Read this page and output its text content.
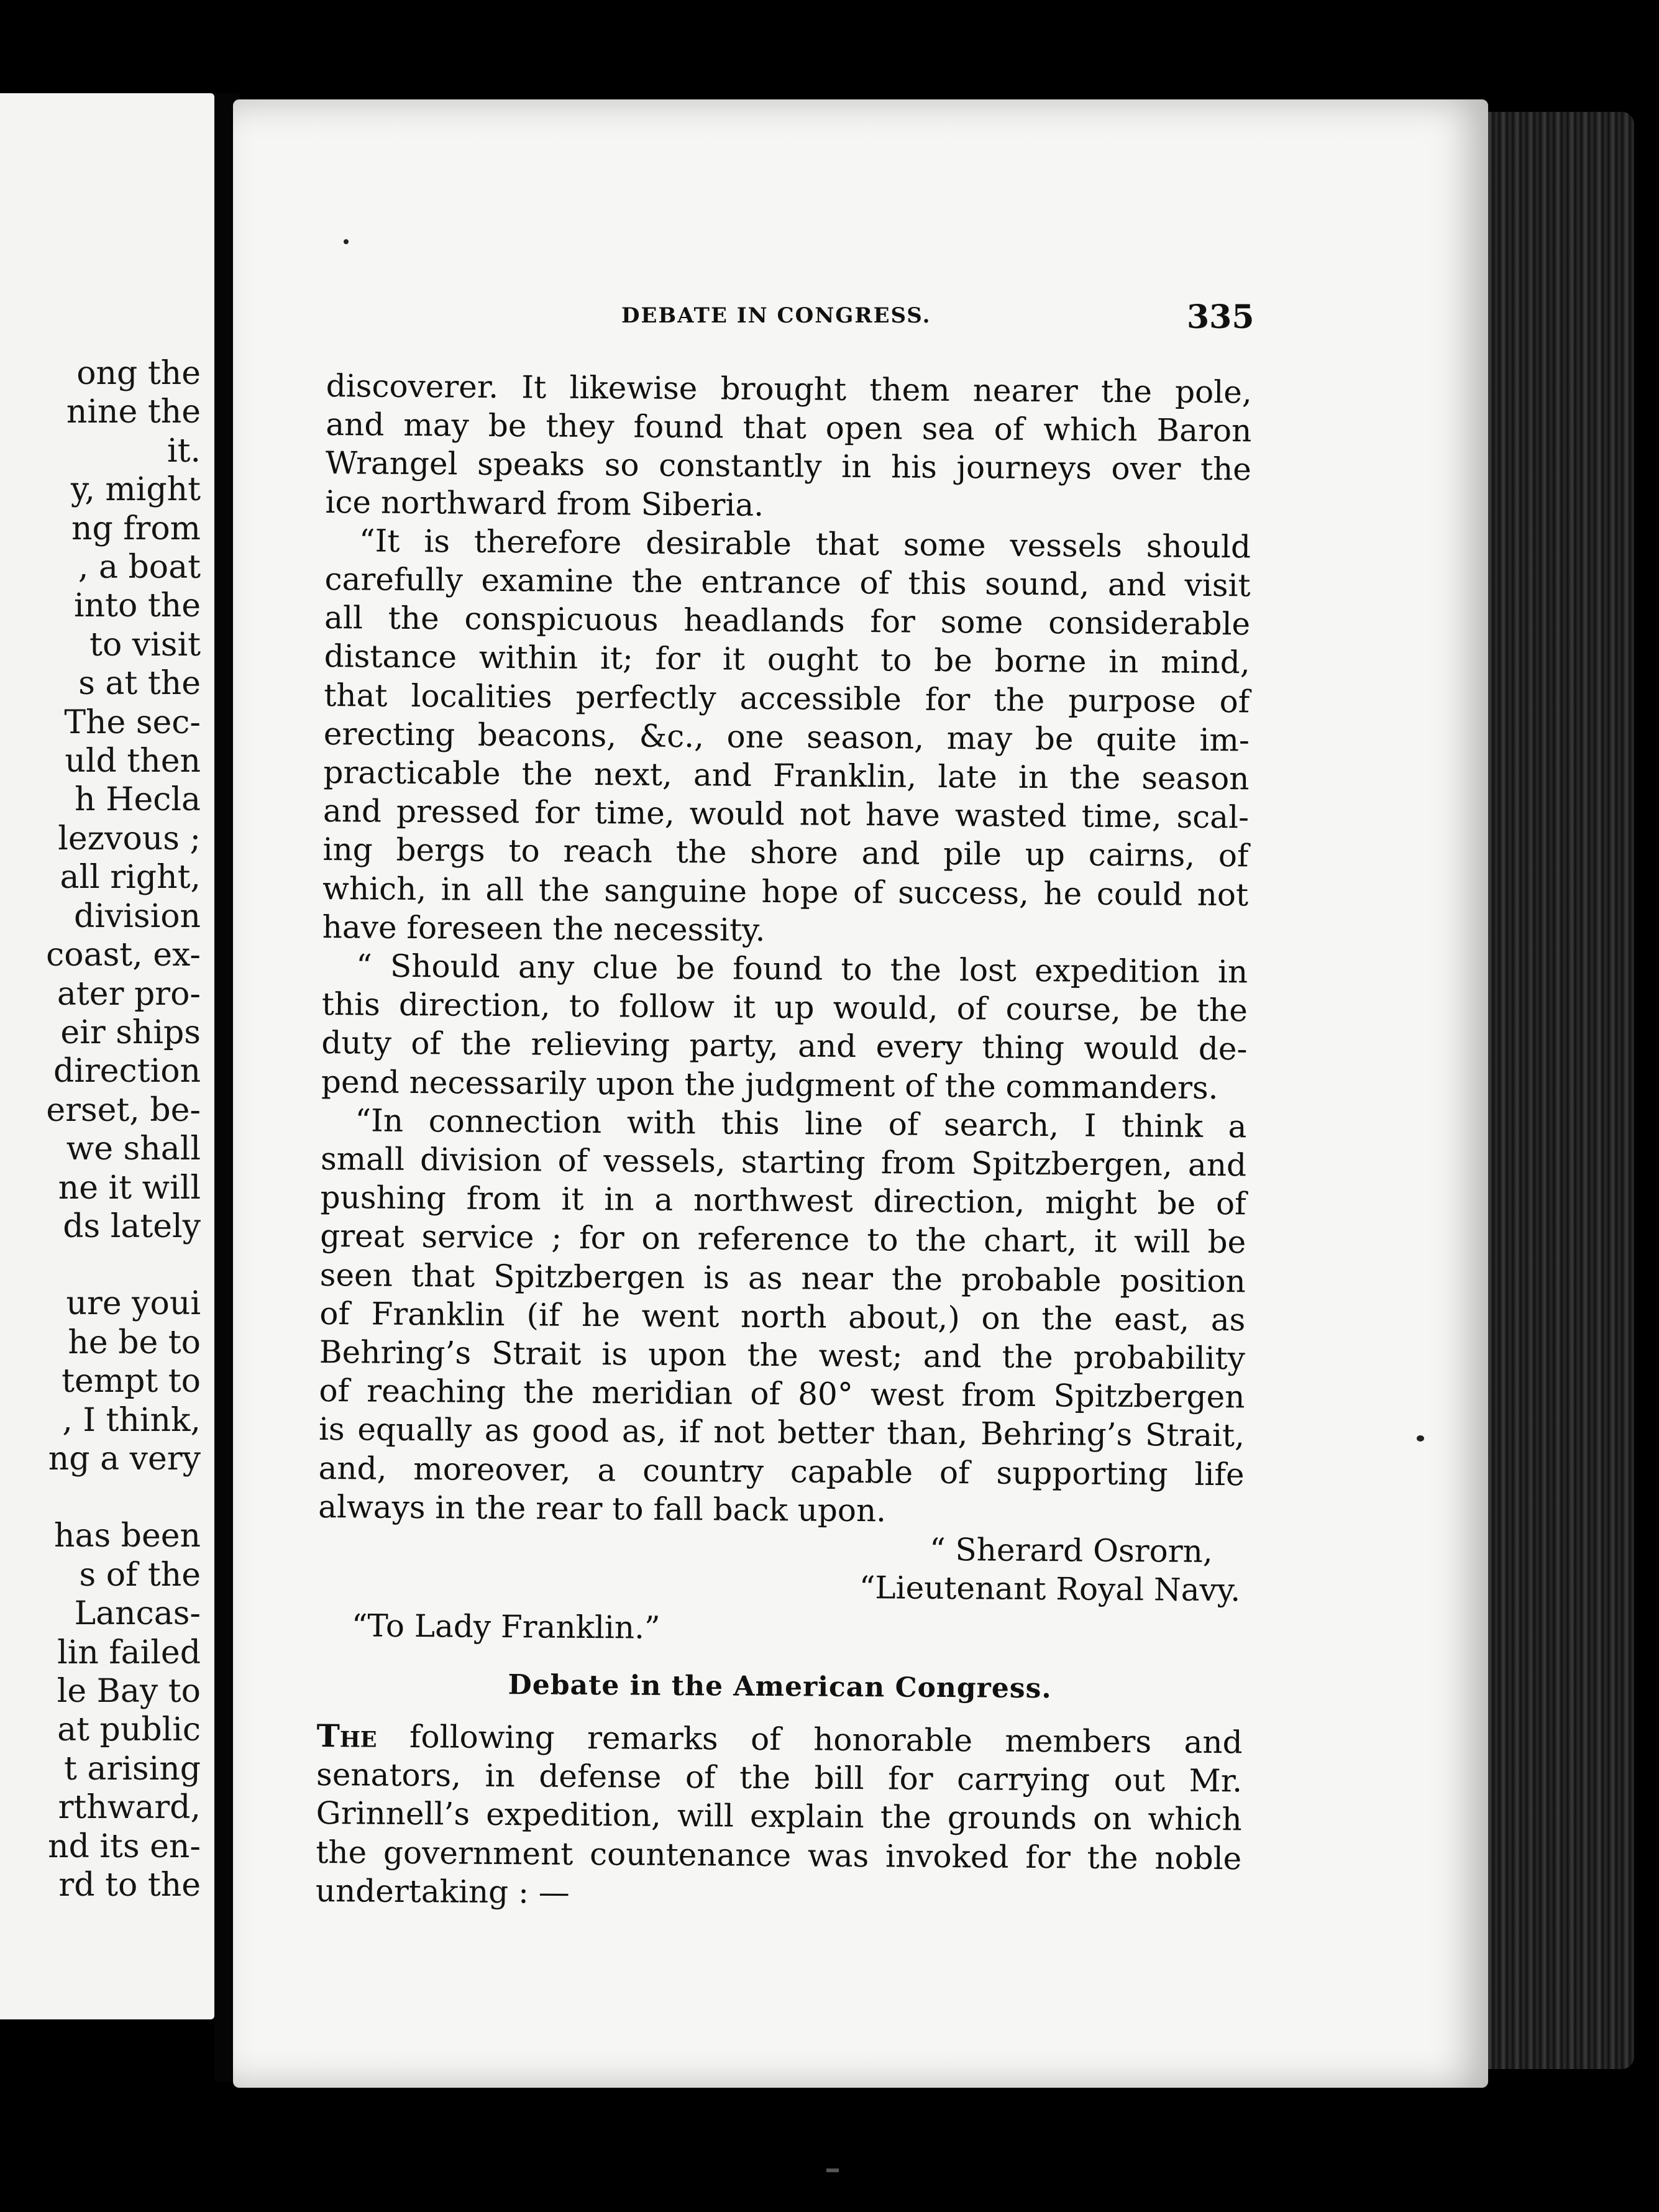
ong the
nine the
it.
y, might
ng from
, a boat
into the
to visit
s at the
The sec-
uld then
h Hecla
lezvous ;
all right,
division
coast, ex-
ater pro-
eir ships
direction
erset, be-
we shall
ne it will
ds lately
ure youi
he be to
tempt to
, I think,
ng a very
has been
s of the
Lancas-
lin failed
le Bay to
at public
t arising
rthward,
nd its en-
rd to the
DEBATE IN CONGRESS.	335
discoverer. It likewise brought them nearer the pole,
and may be they found that open sea of which Baron
Wrangel speaks so constantly in his journeys over the
ice northward from Siberia.
“It is therefore desirable that some vessels should
carefully examine the entrance of this sound, and visit
all the conspicuous headlands for some considerable
distance within it; for it ought to be borne in mind,
that localities perfectly accessible for the purpose of
erecting beacons, &c., one season, may be quite im-
practicable the next, and Franklin, late in the season
and pressed for time, would not have wasted time, scal-
ing bergs to reach the shore and pile up cairns, of
which, in all the sanguine hope of success, he could not
have foreseen the necessity.
“ Should any clue be found to the lost expedition in
this direction, to follow it up would, of course, be the
duty of the relieving party, and every thing would de-
pend necessarily upon the judgment of the commanders.
“In connection with this line of search, I think a
small division of vessels, starting from Spitzbergen, and
pushing from it in a northwest direction, might be of
great service ; for on reference to the chart, it will be
seen that Spitzbergen is as near the probable position
of Franklin (if he went north about,) on the east, as
Behring’s Strait is upon the west; and the probability
of reaching the meridian of 80° west from Spitzbergen
is equally as good as, if not better than, Behring’s Strait,
and, moreover, a country capable of supporting life
always in the rear to fall back upon.
“ Sherard Osrorn,
“Lieutenant Royal Navy.
“To Lady Franklin.”
Debate in the American Congress.
The following remarks of honorable members and
senators, in defense of the bill for carrying out Mr.
Grinnell’s expedition, will explain the grounds on which
the government countenance was invoked for the noble
undertaking : —
